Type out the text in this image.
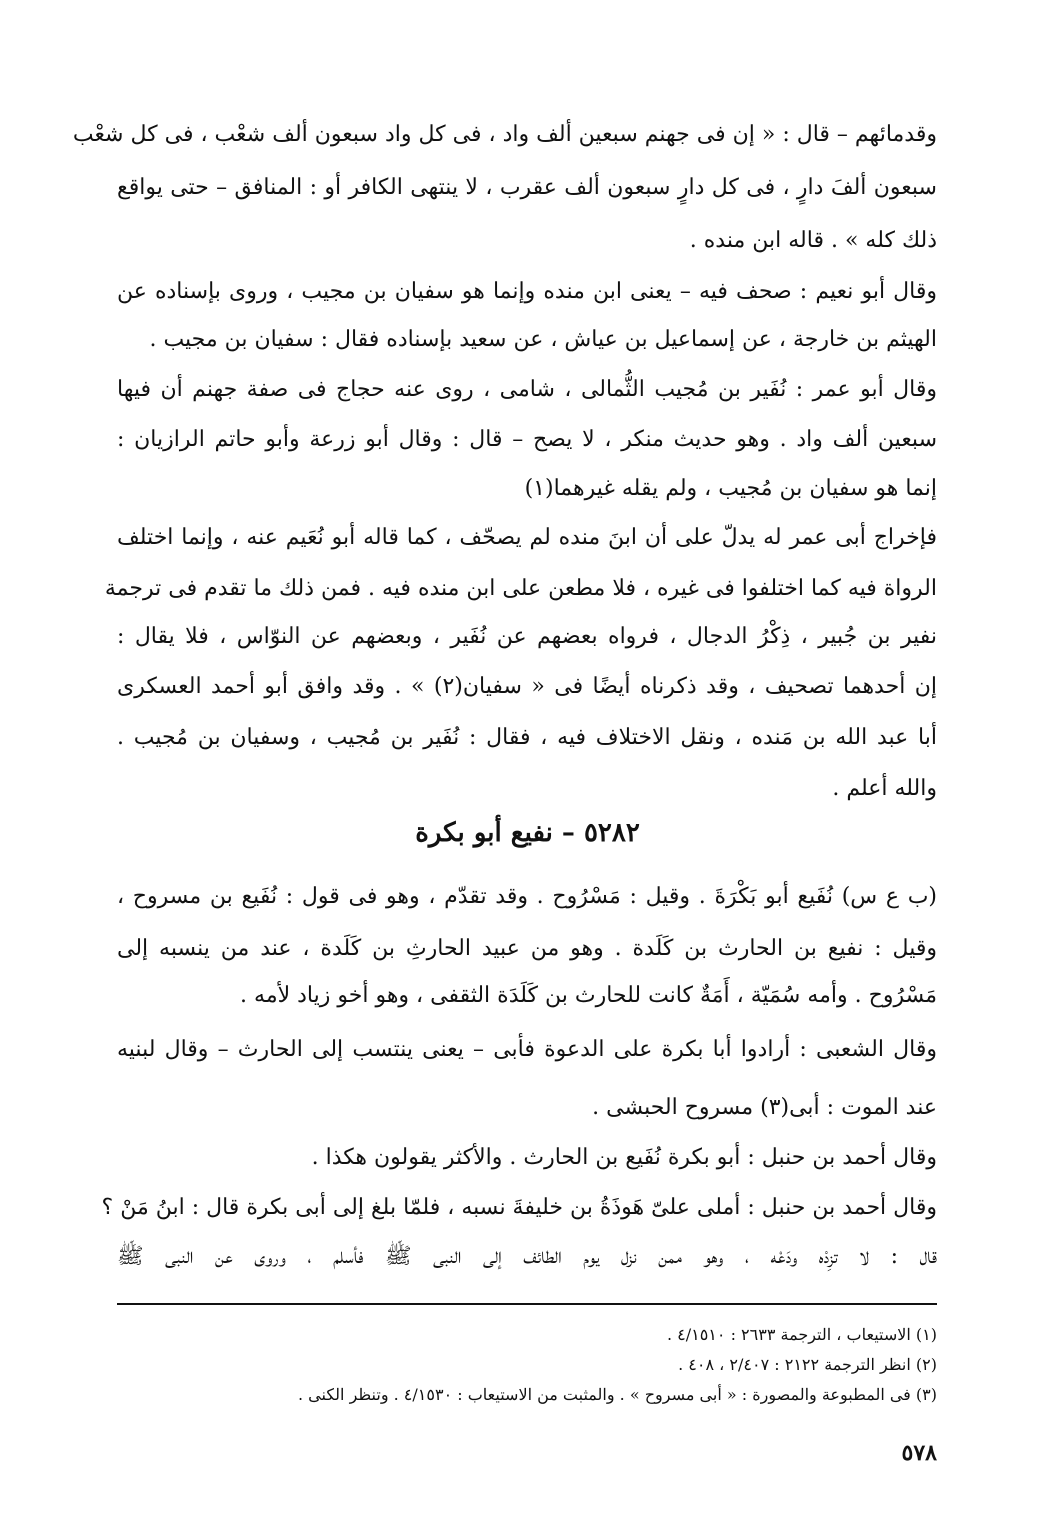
وقدمائهم – قال : « إن فى جهنم سبعين ألف واد ، فى كل واد سبعون ألف شعْب ، فى كل شعْب
سبعون ألفَ دارٍ ، فى كل دارٍ سبعون ألف عقرب ، لا ينتهى الكافر أو : المنافق – حتى يواقع
ذلك كله » . قاله ابن منده .
وقال أبو نعيم : صحف فيه – يعنى ابن منده وإنما هو سفيان بن مجيب ، وروى بإسناده عن
الهيثم بن خارجة ، عن إسماعيل بن عياش ، عن سعيد بإسناده فقال : سفيان بن مجيب .
وقال أبو عمر : نُفَير بن مُجيب الثُّمالى ، شامى ، روى عنه حجاج فى صفة جهنم أن فيها
سبعين ألف واد . وهو حديث منكر ، لا يصح – قال : وقال أبو زرعة وأبو حاتم الرازيان :
إنما هو سفيان بن مُجيب ، ولم يقله غيرهما(١)
فإخراج أبى عمر له يدلّ على أن ابنَ منده لم يصحّف ، كما قاله أبو نُعَيم عنه ، وإنما اختلف
الرواة فيه كما اختلفوا فى غيره ، فلا مطعن على ابن منده فيه . فمن ذلك ما تقدم فى ترجمة
نفير بن جُبير ، ذِكْرُ الدجال ، فرواه بعضهم عن نُفَير ، وبعضهم عن النوّاس ، فلا يقال :
إن أحدهما تصحيف ، وقد ذكرناه أيضًا فى « سفيان(٢) » . وقد وافق أبو أحمد العسكرى
أبا عبد الله بن مَنده ، ونقل الاختلاف فيه ، فقال : نُفَير بن مُجيب ، وسفيان بن مُجيب .
والله أعلم .
٥٢٨٢ – نفيع أبو بكرة
(ب ع س) نُفَيع أبو بَكْرَةَ . وقيل : مَسْرُوح . وقد تقدّم ، وهو فى قول : نُفَيع بن مسروح ،
وقيل : نفيع بن الحارث بن كَلَدة . وهو من عبيد الحارثِ بن كَلَدة ، عند من ينسبه إلى
مَسْرُوح . وأمه سُمَيّة ، أَمَةٌ كانت للحارث بن كَلَدَة الثقفى ، وهو أخو زياد لأمه .
وقال الشعبى : أرادوا أبا بكرة على الدعوة فأبى – يعنى ينتسب إلى الحارث – وقال لبنيه
عند الموت : أبى(٣) مسروح الحبشى .
وقال أحمد بن حنبل : أبو بكرة نُفَيع بن الحارث . والأكثر يقولون هكذا .
وقال أحمد بن حنبل : أملى علىّ هَوذَةُ بن خليفةَ نسبه ، فلمّا بلغ إلى أبى بكرة قال : ابنُ مَنْ ؟
قال : لا تزِدْه ودَعْه ، وهو ممن نزل يوم الطائف إلى النبى ﷺ فأسلم ، وروى عن النبى ﷺ
(١) الاستيعاب ، الترجمة ٢٦٣٣ : ٤/١٥١٠ .
(٢) انظر الترجمة ٢١٢٢ : ٢/٤٠٧ ، ٤٠٨ .
(٣) فى المطبوعة والمصورة : « أبى مسروح » . والمثبت من الاستيعاب : ٤/١٥٣٠ . وتنظر الكنى .
٥٧٨
